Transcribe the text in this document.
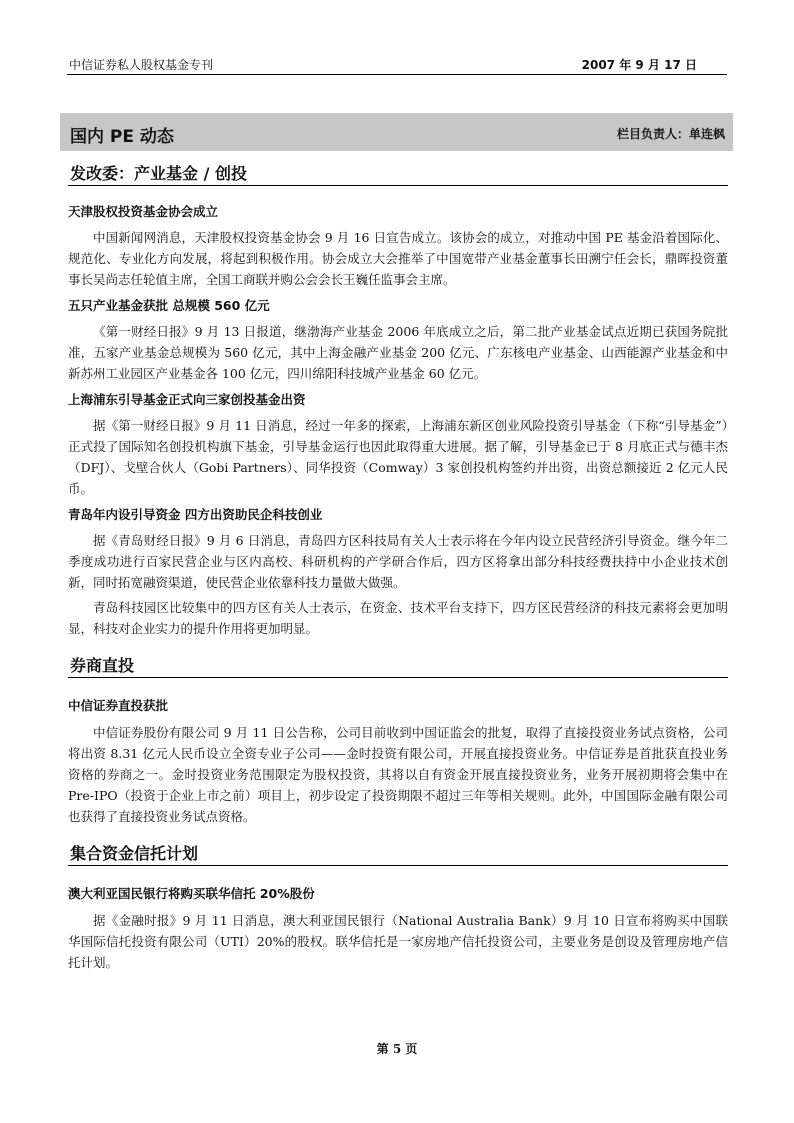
中信证券私人股权基金专刊	2007 年 9 月 17 日
国内 PE 动态	栏目负责人：单连枫
发改委：产业基金 / 创投
天津股权投资基金协会成立

中国新闻网消息，天津股权投资基金协会 9 月 16 日宣告成立。该协会的成立，对推动中国 PE 基金沿着国际化、规范化、专业化方向发展，将起到积极作用。协会成立大会推举了中国宽带产业基金董事长田溯宁任会长，鼎晖投资董事长吴尚志任轮值主席，全国工商联并购公会会长王巍任监事会主席。

五只产业基金获批 总规模 560 亿元

《第一财经日报》9 月 13 日报道，继渤海产业基金 2006 年底成立之后，第二批产业基金试点近期已获国务院批准，五家产业基金总规模为 560 亿元，其中上海金融产业基金 200 亿元、广东核电产业基金、山西能源产业基金和中新苏州工业园区产业基金各 100 亿元，四川绵阳科技城产业基金 60 亿元。

上海浦东引导基金正式向三家创投基金出资

据《第一财经日报》9 月 11 日消息，经过一年多的探索，上海浦东新区创业风险投资引导基金（下称“引导基金”）正式投了国际知名创投机构旗下基金，引导基金运行也因此取得重大进展。据了解，引导基金已于 8 月底正式与德丰杰（DFJ）、戈壁合伙人（Gobi Partners）、同华投资（Comway）3 家创投机构签约并出资，出资总额接近 2 亿元人民币。

青岛年内设引导资金 四方出资助民企科技创业

据《青岛财经日报》9 月 6 日消息，青岛四方区科技局有关人士表示将在今年内设立民营经济引导资金。继今年二季度成功进行百家民营企业与区内高校、科研机构的产学研合作后，四方区将拿出部分科技经费扶持中小企业技术创新，同时拓宽融资渠道，使民营企业依靠科技力量做大做强。

青岛科技园区比较集中的四方区有关人士表示，在资金、技术平台支持下，四方区民营经济的科技元素将会更加明显，科技对企业实力的提升作用将更加明显。

券商直投
中信证券直投获批

中信证券股份有限公司 9 月 11 日公告称，公司目前收到中国证监会的批复，取得了直接投资业务试点资格，公司将出资 8.31 亿元人民币设立全资专业子公司——金时投资有限公司，开展直接投资业务。中信证券是首批获直投业务资格的券商之一。金时投资业务范围限定为股权投资，其将以自有资金开展直接投资业务，业务开展初期将会集中在 Pre-IPO（投资于企业上市之前）项目上，初步设定了投资期限不超过三年等相关规则。此外，中国国际金融有限公司也获得了直接投资业务试点资格。

集合资金信托计划
澳大利亚国民银行将购买联华信托 20%股份

据《金融时报》9 月 11 日消息，澳大利亚国民银行（National Australia Bank）9 月 10 日宣布将购买中国联华国际信托投资有限公司（UTI）20%的股权。联华信托是一家房地产信托投资公司，主要业务是创设及管理房地产信托计划。

第 5 页
